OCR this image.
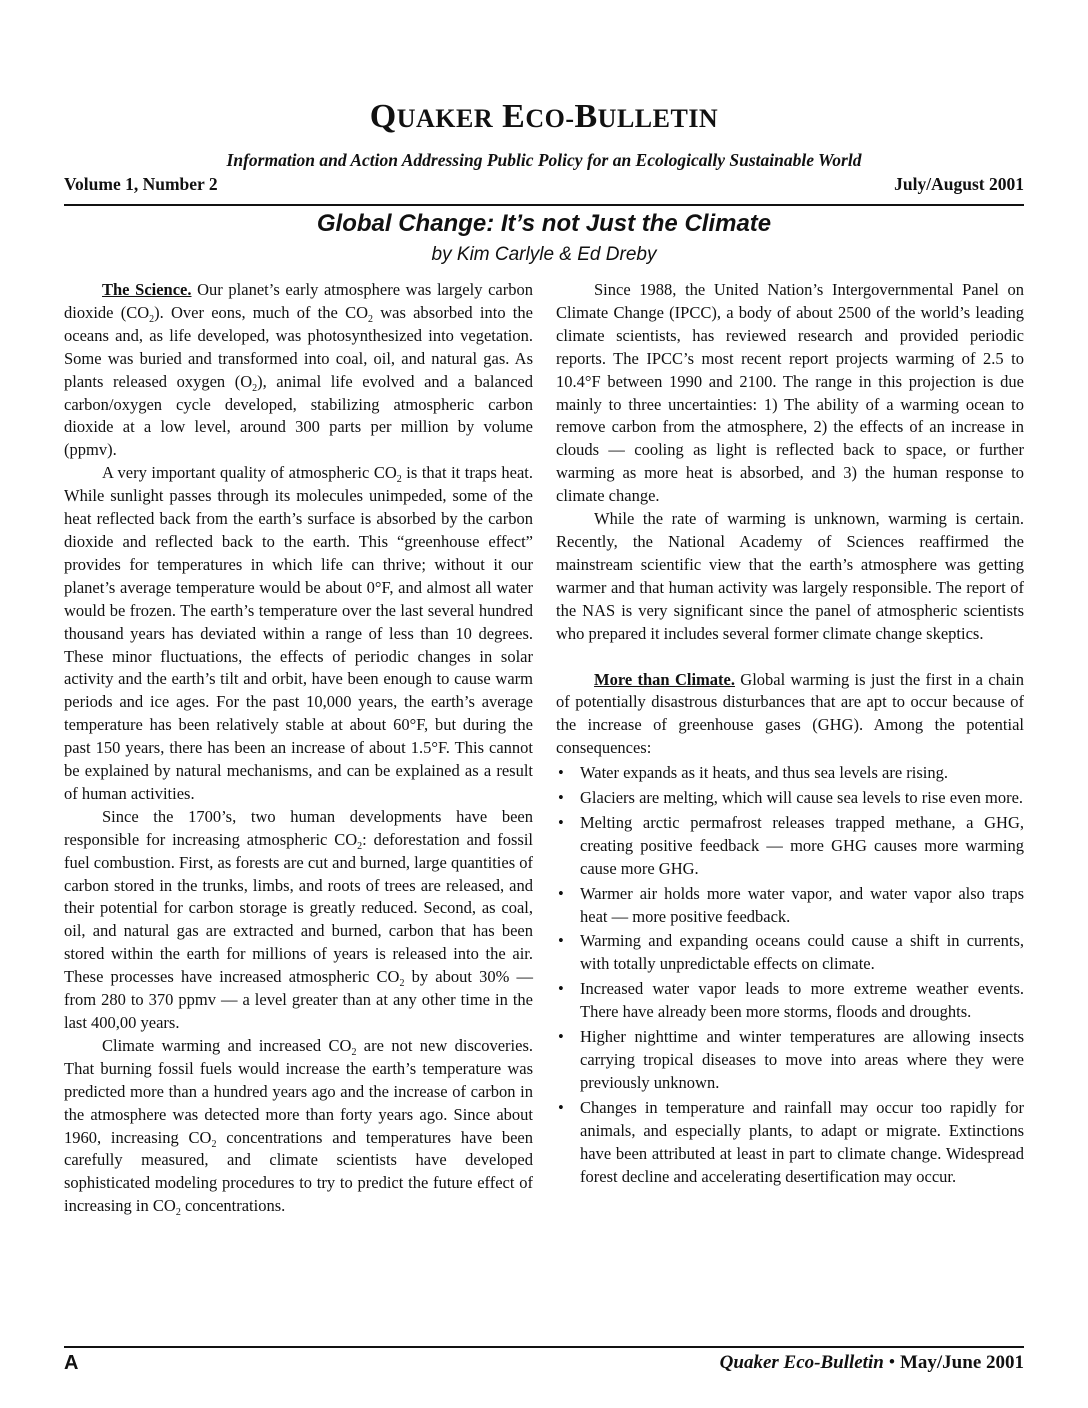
QUAKER ECO-BULLETIN
Information and Action Addressing Public Policy for an Ecologically Sustainable World
Volume 1, Number 2	July/August 2001
Global Change: It’s not Just the Climate
by Kim Carlyle & Ed Dreby

The Science. Our planet’s early atmosphere was largely carbon dioxide $(CO_2)$. Over eons, much of the $CO_2$ was absorbed into the oceans and, as life developed, was photosynthesized into vegetation. Some was buried and transformed into coal, oil, and natural gas. As plants released oxygen $(O_2)$, animal life evolved and a balanced carbon/oxygen cycle developed, stabilizing atmospheric carbon dioxide at a low level, around 300 parts per million by volume (ppmv).

A very important quality of atmospheric $CO_2$ is that it traps heat. While sunlight passes through its molecules unimpeded, some of the heat reflected back from the earth’s surface is absorbed by the carbon dioxide and reflected back to the earth. This “greenhouse effect” provides for temperatures in which life can thrive; without it our planet’s average temperature would be about 0°F, and almost all water would be frozen. The earth’s temperature over the last several hundred thousand years has deviated within a range of less than 10 degrees. These minor fluctuations, the effects of periodic changes in solar activity and the earth’s tilt and orbit, have been enough to cause warm periods and ice ages. For the past 10,000 years, the earth’s average temperature has been relatively stable at about 60°F, but during the past 150 years, there has been an increase of about 1.5°F. This cannot be explained by natural mechanisms, and can be explained as a result of human activities.

Since the 1700’s, two human developments have been responsible for increasing atmospheric $CO_2$: deforestation and fossil fuel combustion. First, as forests are cut and burned, large quantities of carbon stored in the trunks, limbs, and roots of trees are released, and their potential for carbon storage is greatly reduced. Second, as coal, oil, and natural gas are extracted and burned, carbon that has been stored within the earth for millions of years is released into the air. These processes have increased atmospheric $CO_2$ by about 30% — from 280 to 370 ppmv — a level greater than at any other time in the last 400,00 years.

Climate warming and increased $CO_2$ are not new discoveries. That burning fossil fuels would increase the earth’s temperature was predicted more than a hundred years ago and the increase of carbon in the atmosphere was detected more than forty years ago. Since about 1960, increasing $CO_2$ concentrations and temperatures have been carefully measured, and climate scientists have developed sophisticated modeling procedures to try to predict the future effect of increasing in $CO_2$ concentrations.

Since 1988, the United Nation’s Intergovernmental Panel on Climate Change (IPCC), a body of about 2500 of the world’s leading climate scientists, has reviewed research and provided periodic reports. The IPCC’s most recent report projects warming of 2.5 to 10.4°F between 1990 and 2100. The range in this projection is due mainly to three uncertainties: 1) The ability of a warming ocean to remove carbon from the atmosphere, 2) the effects of an increase in clouds — cooling as light is reflected back to space, or further warming as more heat is absorbed, and 3) the human response to climate change.

While the rate of warming is unknown, warming is certain. Recently, the National Academy of Sciences reaffirmed the mainstream scientific view that the earth’s atmosphere was getting warmer and that human activity was largely responsible. The report of the NAS is very significant since the panel of atmospheric scientists who prepared it includes several former climate change skeptics.

More than Climate. Global warming is just the first in a chain of potentially disastrous disturbances that are apt to occur because of the increase of greenhouse gases (GHG). Among the potential consequences:

• Water expands as it heats, and thus sea levels are rising.
• Glaciers are melting, which will cause sea levels to rise even more.
• Melting arctic permafrost releases trapped methane, a GHG, creating positive feedback — more GHG causes more warming cause more GHG.
• Warmer air holds more water vapor, and water vapor also traps heat — more positive feedback.
• Warming and expanding oceans could cause a shift in currents, with totally unpredictable effects on climate.
• Increased water vapor leads to more extreme weather events. There have already been more storms, floods and droughts.
• Higher nighttime and winter temperatures are allowing insects carrying tropical diseases to move into areas where they were previously unknown.
• Changes in temperature and rainfall may occur too rapidly for animals, and especially plants, to adapt or migrate. Extinctions have been attributed at least in part to climate change. Widespread forest decline and accelerating desertification may occur.
A	Quaker Eco-Bulletin • May/June 2001
